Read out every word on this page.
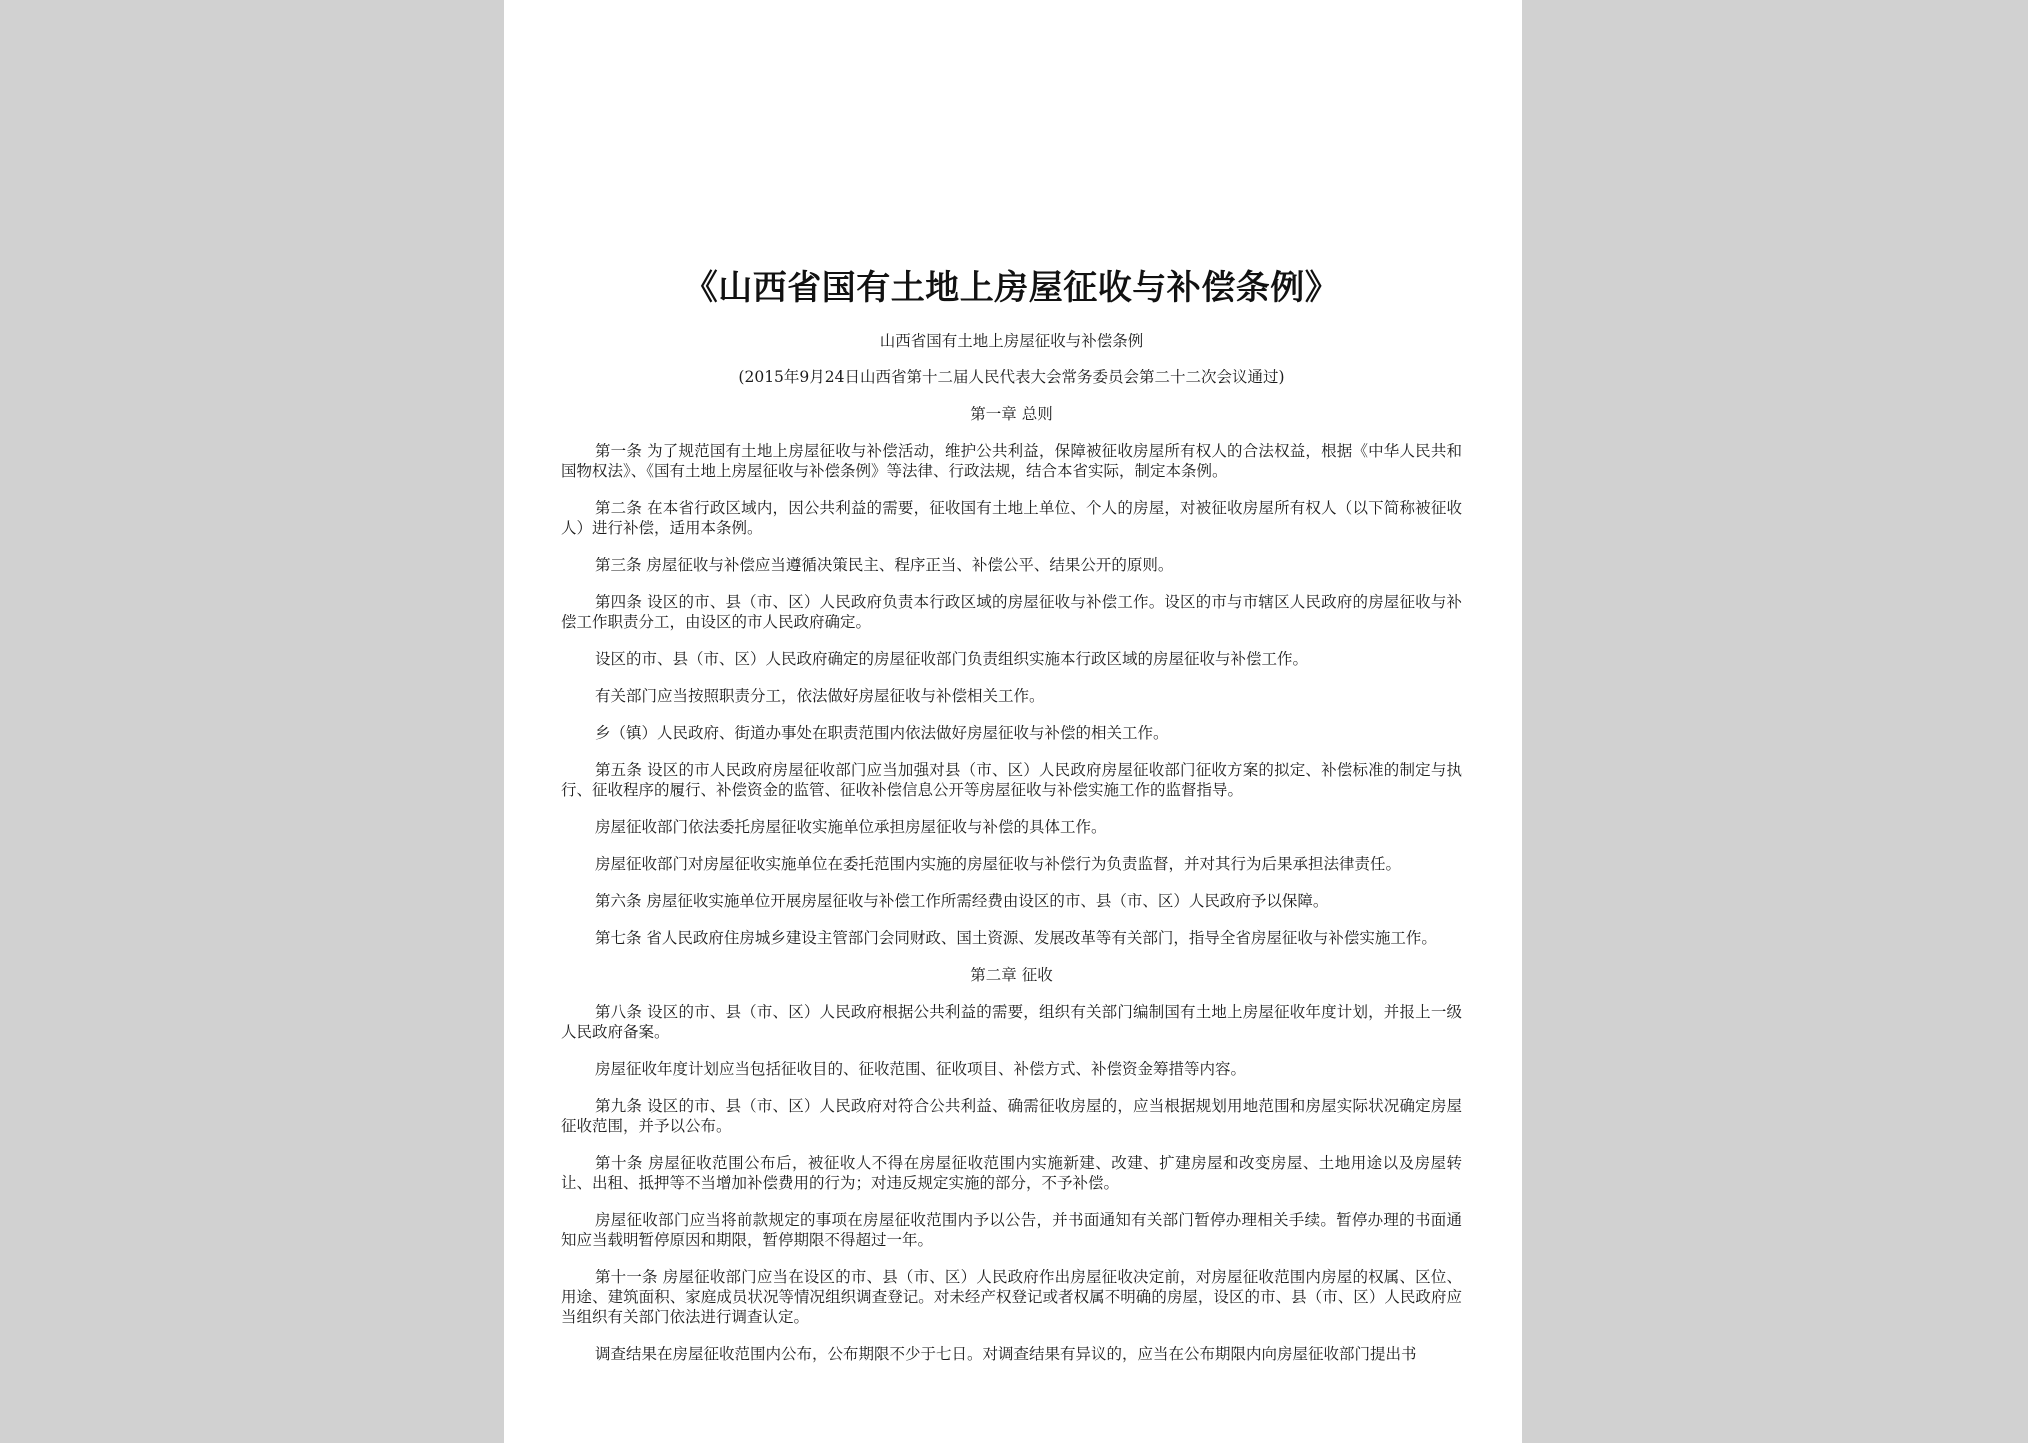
《山西省国有土地上房屋征收与补偿条例》

山西省国有土地上房屋征收与补偿条例

(2015年9月24日山西省第十二届人民代表大会常务委员会第二十二次会议通过)

第一章 总则

第一条 为了规范国有土地上房屋征收与补偿活动，维护公共利益，保障被征收房屋所有权人的合法权益，根据《中华人民共和国物权法》、《国有土地上房屋征收与补偿条例》等法律、行政法规，结合本省实际，制定本条例。

第二条 在本省行政区域内，因公共利益的需要，征收国有土地上单位、个人的房屋，对被征收房屋所有权人（以下简称被征收人）进行补偿，适用本条例。

第三条 房屋征收与补偿应当遵循决策民主、程序正当、补偿公平、结果公开的原则。

第四条 设区的市、县（市、区）人民政府负责本行政区域的房屋征收与补偿工作。设区的市与市辖区人民政府的房屋征收与补偿工作职责分工，由设区的市人民政府确定。

设区的市、县（市、区）人民政府确定的房屋征收部门负责组织实施本行政区域的房屋征收与补偿工作。

有关部门应当按照职责分工，依法做好房屋征收与补偿相关工作。

乡（镇）人民政府、街道办事处在职责范围内依法做好房屋征收与补偿的相关工作。

第五条 设区的市人民政府房屋征收部门应当加强对县（市、区）人民政府房屋征收部门征收方案的拟定、补偿标准的制定与执行、征收程序的履行、补偿资金的监管、征收补偿信息公开等房屋征收与补偿实施工作的监督指导。

房屋征收部门依法委托房屋征收实施单位承担房屋征收与补偿的具体工作。

房屋征收部门对房屋征收实施单位在委托范围内实施的房屋征收与补偿行为负责监督，并对其行为后果承担法律责任。

第六条 房屋征收实施单位开展房屋征收与补偿工作所需经费由设区的市、县（市、区）人民政府予以保障。

第七条 省人民政府住房城乡建设主管部门会同财政、国土资源、发展改革等有关部门，指导全省房屋征收与补偿实施工作。

第二章 征收

第八条 设区的市、县（市、区）人民政府根据公共利益的需要，组织有关部门编制国有土地上房屋征收年度计划，并报上一级人民政府备案。

房屋征收年度计划应当包括征收目的、征收范围、征收项目、补偿方式、补偿资金筹措等内容。

第九条 设区的市、县（市、区）人民政府对符合公共利益、确需征收房屋的，应当根据规划用地范围和房屋实际状况确定房屋征收范围，并予以公布。

第十条 房屋征收范围公布后，被征收人不得在房屋征收范围内实施新建、改建、扩建房屋和改变房屋、土地用途以及房屋转让、出租、抵押等不当增加补偿费用的行为；对违反规定实施的部分，不予补偿。

房屋征收部门应当将前款规定的事项在房屋征收范围内予以公告，并书面通知有关部门暂停办理相关手续。暂停办理的书面通知应当载明暂停原因和期限，暂停期限不得超过一年。

第十一条 房屋征收部门应当在设区的市、县（市、区）人民政府作出房屋征收决定前，对房屋征收范围内房屋的权属、区位、用途、建筑面积、家庭成员状况等情况组织调查登记。对未经产权登记或者权属不明确的房屋，设区的市、县（市、区）人民政府应当组织有关部门依法进行调查认定。

调查结果在房屋征收范围内公布，公布期限不少于七日。对调查结果有异议的，应当在公布期限内向房屋征收部门提出书
